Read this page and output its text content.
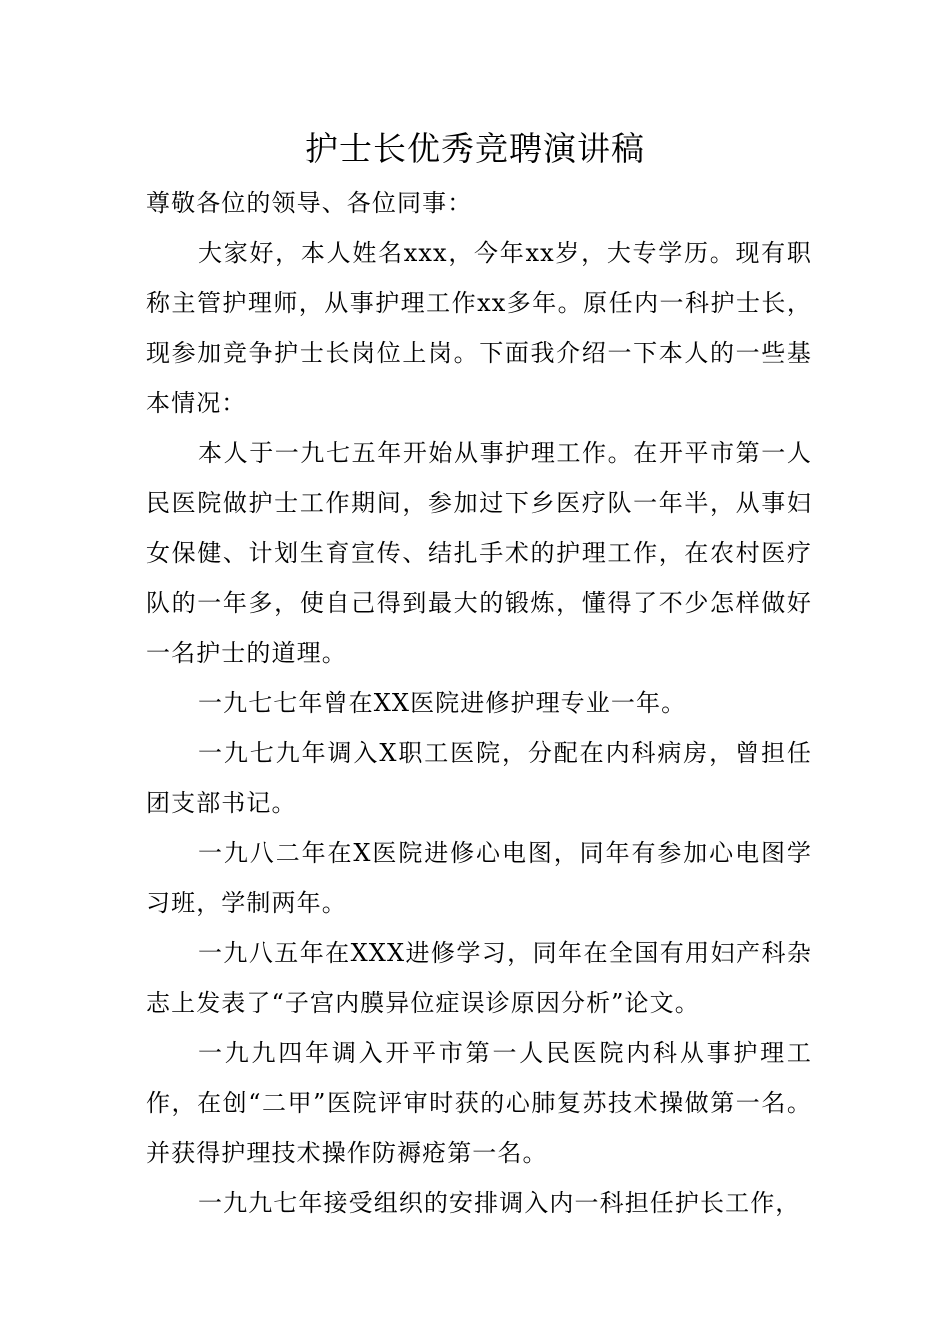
护士长优秀竞聘演讲稿

尊敬各位的领导、各位同事：

大家好，本人姓名xxx，今年xx岁，大专学历。现有职称主管护理师，从事护理工作xx多年。原任内一科护士长，现参加竞争护士长岗位上岗。下面我介绍一下本人的一些基本情况：

本人于一九七五年开始从事护理工作。在开平市第一人民医院做护士工作期间，参加过下乡医疗队一年半，从事妇女保健、计划生育宣传、结扎手术的护理工作，在农村医疗队的一年多，使自己得到最大的锻炼，懂得了不少怎样做好一名护士的道理。

一九七七年曾在XX医院进修护理专业一年。

一九七九年调入X职工医院，分配在内科病房，曾担任团支部书记。

一九八二年在X医院进修心电图，同年有参加心电图学习班，学制两年。

一九八五年在XXX进修学习，同年在全国有用妇产科杂志上发表了“子宫内膜异位症误诊原因分析”论文。

一九九四年调入开平市第一人民医院内科从事护理工作，在创“二甲”医院评审时获的心肺复苏技术操做第一名。并获得护理技术操作防褥疮第一名。

一九九七年接受组织的安排调入内一科担任护长工作，
